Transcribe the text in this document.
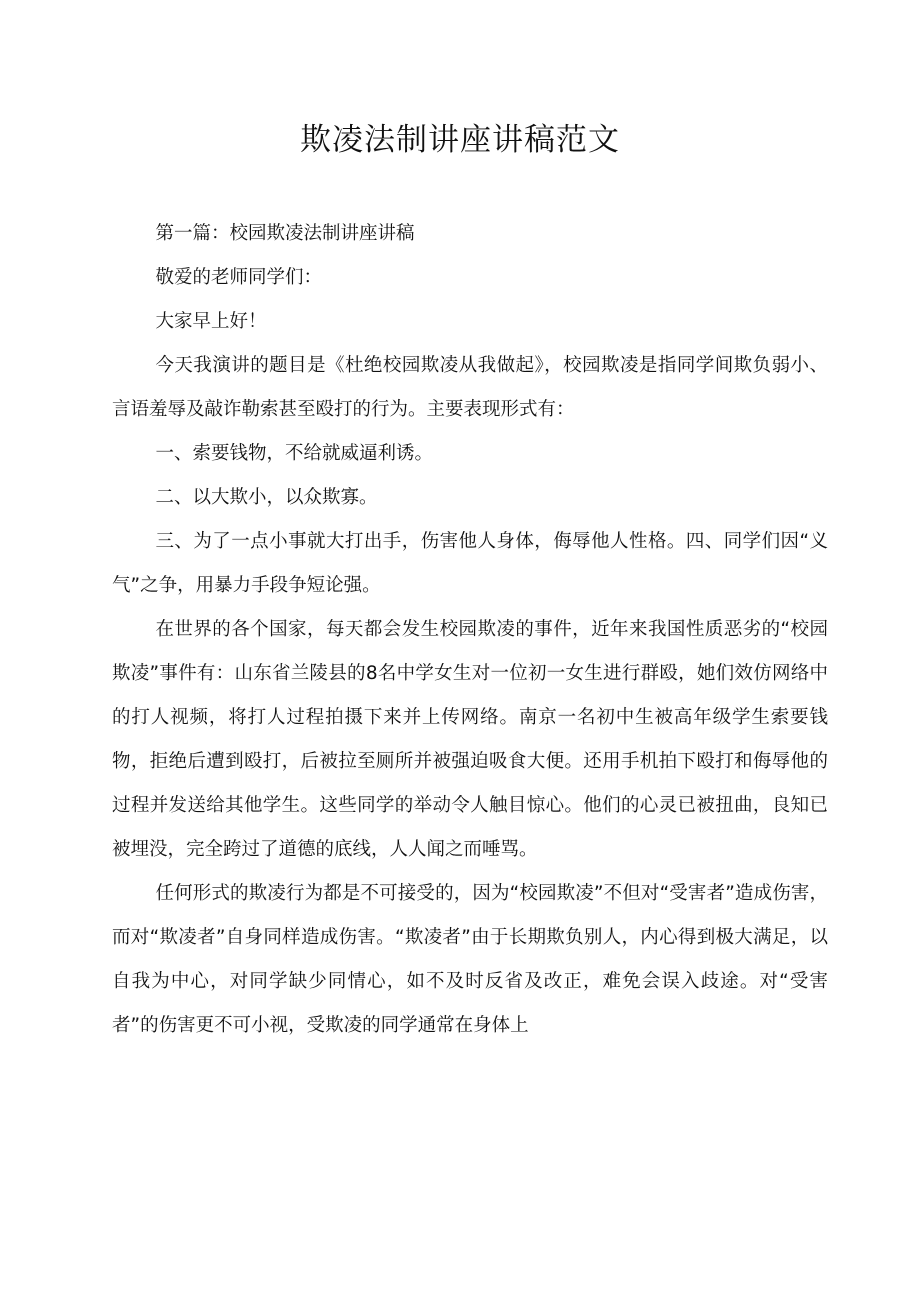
欺凌法制讲座讲稿范文

第一篇：校园欺凌法制讲座讲稿

敬爱的老师同学们：

大家早上好！

今天我演讲的题目是《杜绝校园欺凌从我做起》，校园欺凌是指同学间欺负弱小、言语羞辱及敲诈勒索甚至殴打的行为。主要表现形式有：

一、索要钱物，不给就威逼利诱。

二、以大欺小，以众欺寡。

三、为了一点小事就大打出手，伤害他人身体，侮辱他人性格。四、同学们因“义气”之争，用暴力手段争短论强。

在世界的各个国家，每天都会发生校园欺凌的事件，近年来我国性质恶劣的“校园欺凌”事件有：山东省兰陵县的8名中学女生对一位初一女生进行群殴，她们效仿网络中的打人视频，将打人过程拍摄下来并上传网络。南京一名初中生被高年级学生索要钱物，拒绝后遭到殴打，后被拉至厕所并被强迫吸食大便。还用手机拍下殴打和侮辱他的过程并发送给其他学生。这些同学的举动令人触目惊心。他们的心灵已被扭曲，良知已被埋没，完全跨过了道德的底线，人人闻之而唾骂。

任何形式的欺凌行为都是不可接受的，因为“校园欺凌”不但对“受害者”造成伤害，而对“欺凌者”自身同样造成伤害。“欺凌者”由于长期欺负别人，内心得到极大满足，以自我为中心，对同学缺少同情心，如不及时反省及改正，难免会误入歧途。对“受害者”的伤害更不可小视，受欺凌的同学通常在身体上
